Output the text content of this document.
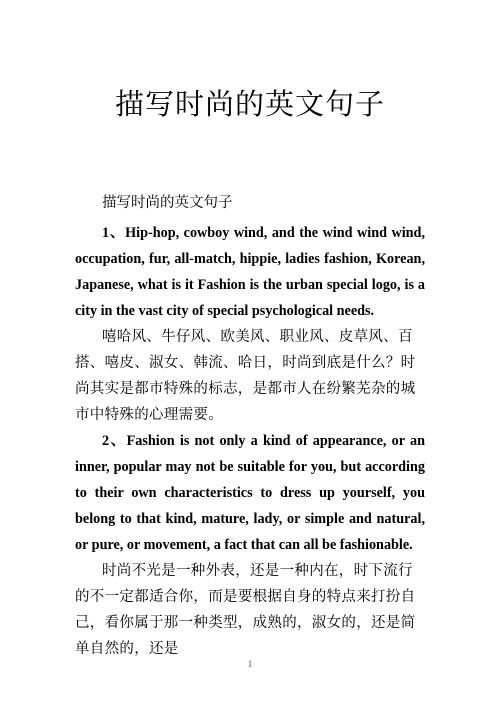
描写时尚的英文句子

描写时尚的英文句子

1、Hip-hop, cowboy wind, and the wind wind wind, occupation, fur, all-match, hippie, ladies fashion, Korean, Japanese, what is it Fashion is the urban special logo, is a city in the vast city of special psychological needs.

嘻哈风、牛仔风、欧美风、职业风、皮草风、百搭、嘻皮、淑女、韩流、哈日，时尚到底是什么？时尚其实是都市特殊的标志，是都市人在纷繁芜杂的城市中特殊的心理需要。

2、Fashion is not only a kind of appearance, or an inner, popular may not be suitable for you, but according to their own characteristics to dress up yourself, you belong to that kind, mature, lady, or simple and natural, or pure, or movement, a fact that can all be fashionable.

时尚不光是一种外表，还是一种内在，时下流行的不一定都适合你，而是要根据自身的特点来打扮自己，看你属于那一种类型，成熟的，淑女的，还是简单自然的，还是

1
